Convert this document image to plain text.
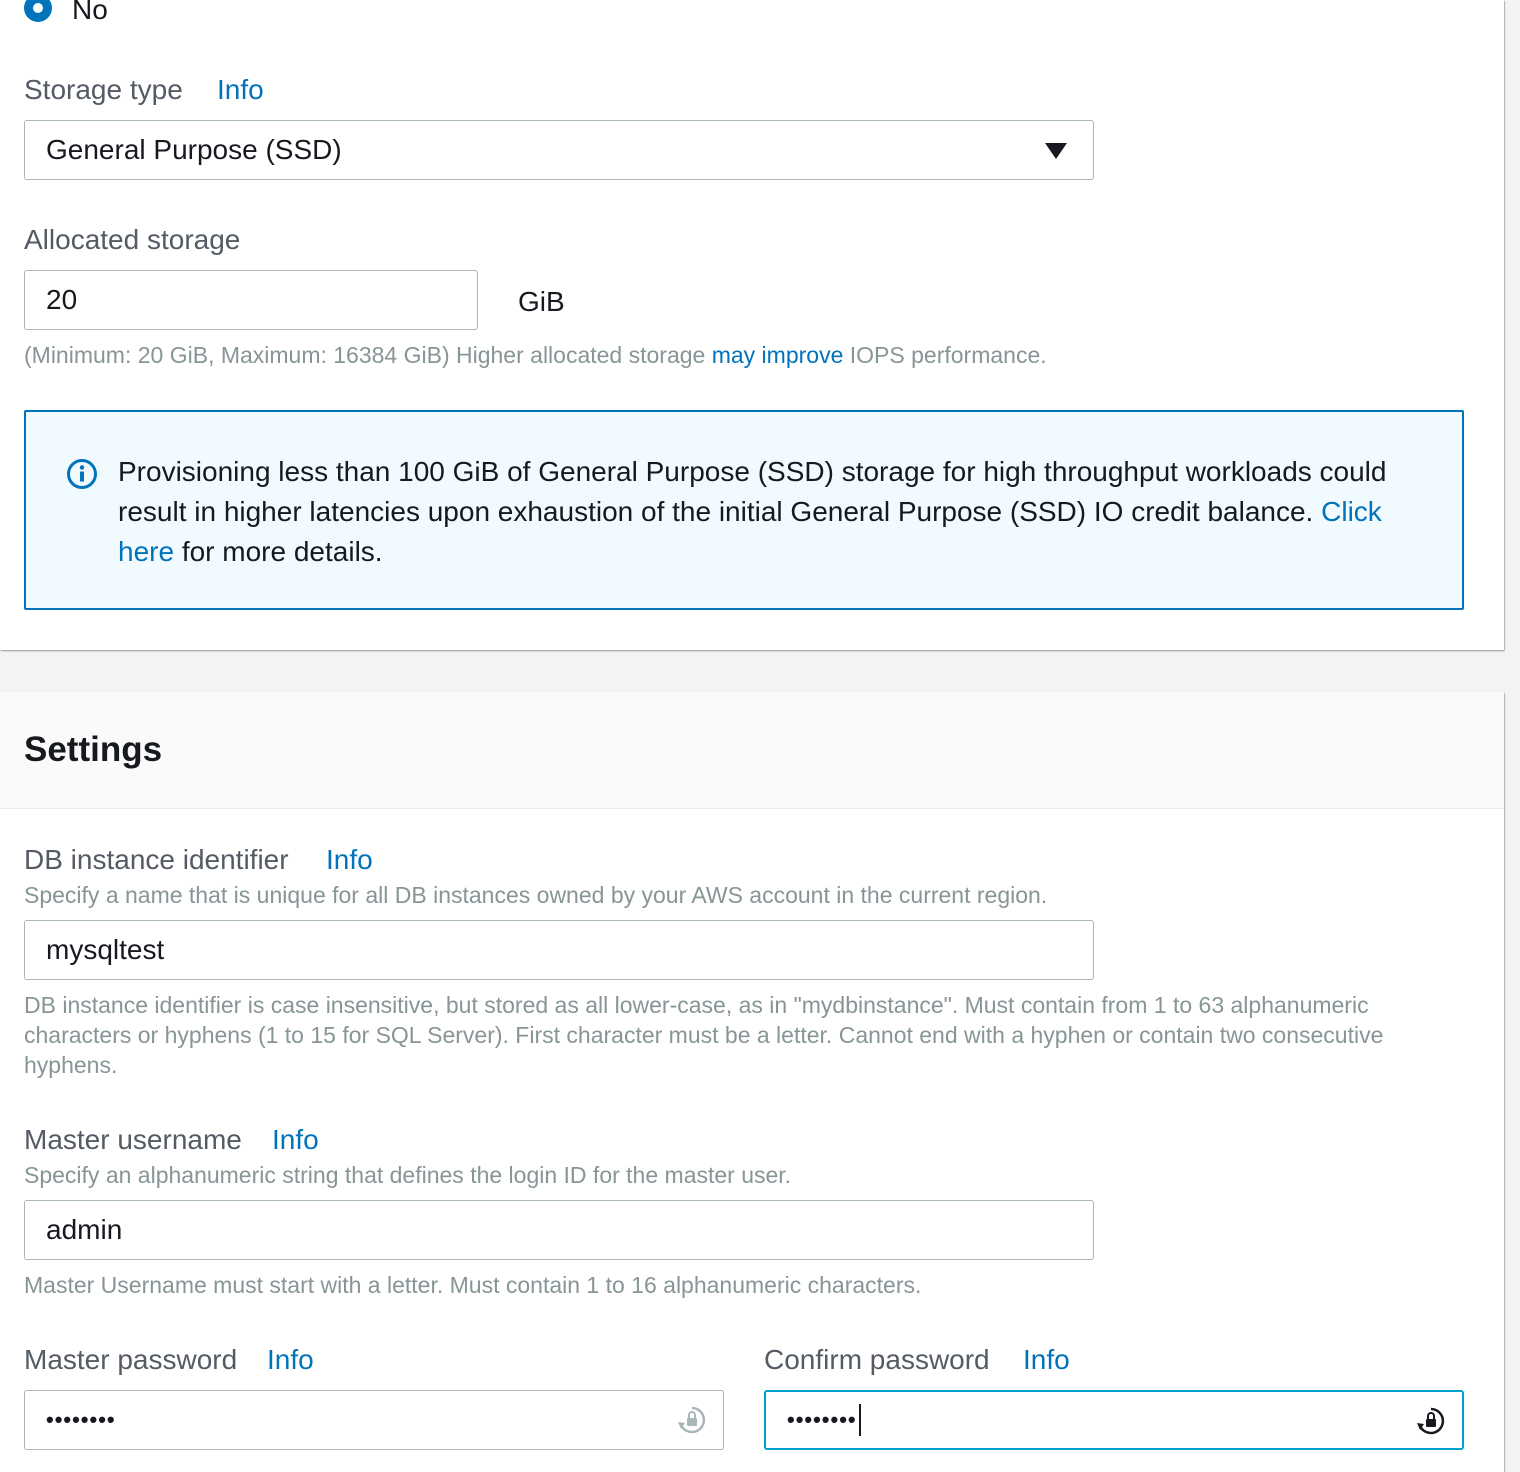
No
Storage type Info
General Purpose (SSD)
Allocated storage
20	GiB
(Minimum: 20 GiB, Maximum: 16384 GiB) Higher allocated storage may improve IOPS performance.
Provisioning less than 100 GiB of General Purpose (SSD) storage for high throughput workloads could result in higher latencies upon exhaustion of the initial General Purpose (SSD) IO credit balance. Click here for more details.
Settings
DB instance identifier Info
Specify a name that is unique for all DB instances owned by your AWS account in the current region.
mysqltest
DB instance identifier is case insensitive, but stored as all lower-case, as in "mydbinstance". Must contain from 1 to 63 alphanumeric characters or hyphens (1 to 15 for SQL Server). First character must be a letter. Cannot end with a hyphen or contain two consecutive hyphens.
Master username Info
Specify an alphanumeric string that defines the login ID for the master user.
admin
Master Username must start with a letter. Must contain 1 to 16 alphanumeric characters.
Master password Info
••••••••
Confirm password Info
••••••••
